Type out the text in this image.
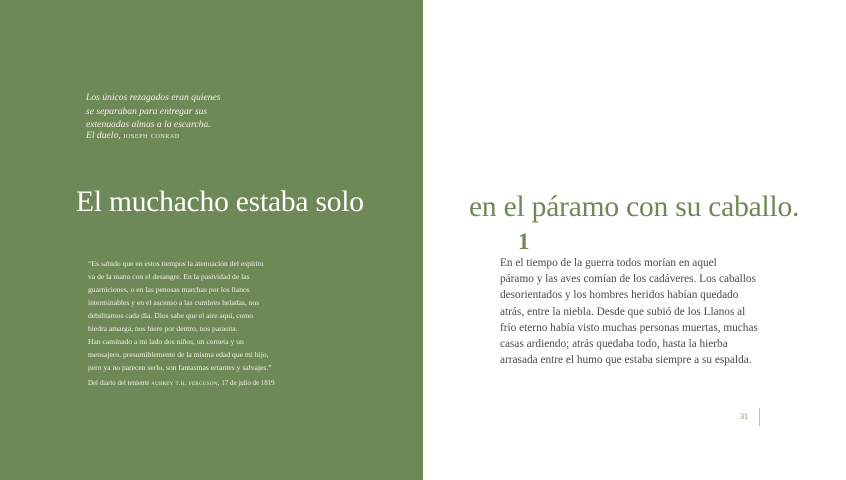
Los únicos rezagados eran quienes
se separaban para entregar sus
extenuadas almas a la escarcha.
El duelo, joseph conrad
El muchacho estaba solo
“Es sabido que en estos tiempos la atenuación del espíritu
va de la mano con el desangre. En la pasividad de las
guarniciones, o en las penosas marchas por los llanos
interminables y en el ascenso a las cumbres heladas, nos
debilitamos cada día. Dios sabe que el aire aquí, como
hiedra amarga, nos hiere por dentro, nos parasita.
Han caminado a mi lado dos niños, un corneta y un
mensajero, presumiblemente de la misma edad que mi hijo,
pero ya no parecen serlo, son fantasmas errantes y salvajes.”
Del diario del teniente aubrey t.h. ferguson, 17 de julio de 1819
en el páramo con su caballo.
1
En el tiempo de la guerra todos morían en aquel
páramo y las aves comían de los cadáveres. Los caballos
desorientados y los hombres heridos habían quedado
atrás, entre la niebla. Desde que subió de los Llanos al
frío eterno había visto muchas personas muertas, muchas
casas ardiendo; atrás quedaba todo, hasta la hierba
arrasada entre el humo que estaba siempre a su espalda.
31
